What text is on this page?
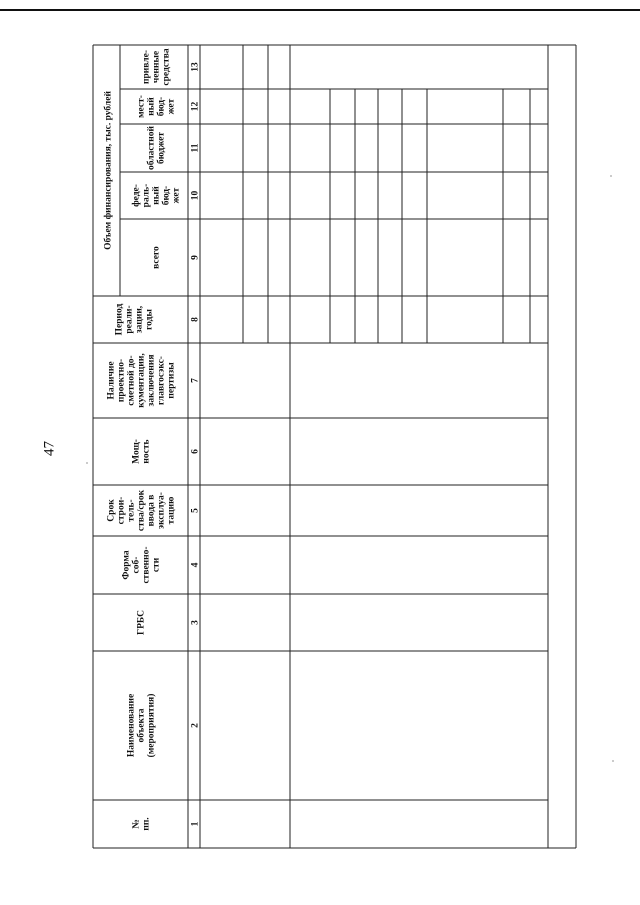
47
№пп.
Наименованиеобъекта(мероприятия)
ГРБС
Формасоб-ственно-сти
Срокстрои-тель-ства/срокввода вэксплуа-тацию
Мощ-ность
Наличиепроектно-сметной до-кументации,заключенияглавгосэкс-пертизы
Периодреали-зации,годы
Объем финансирования, тыс. рублей
всего
феде-раль-ныйбюд-жет
областнойбюджет
мест-ныйбюд-жет
привле-ченныесредства
1
2
3
4
5
6
7
8
9
10
11
12
13
